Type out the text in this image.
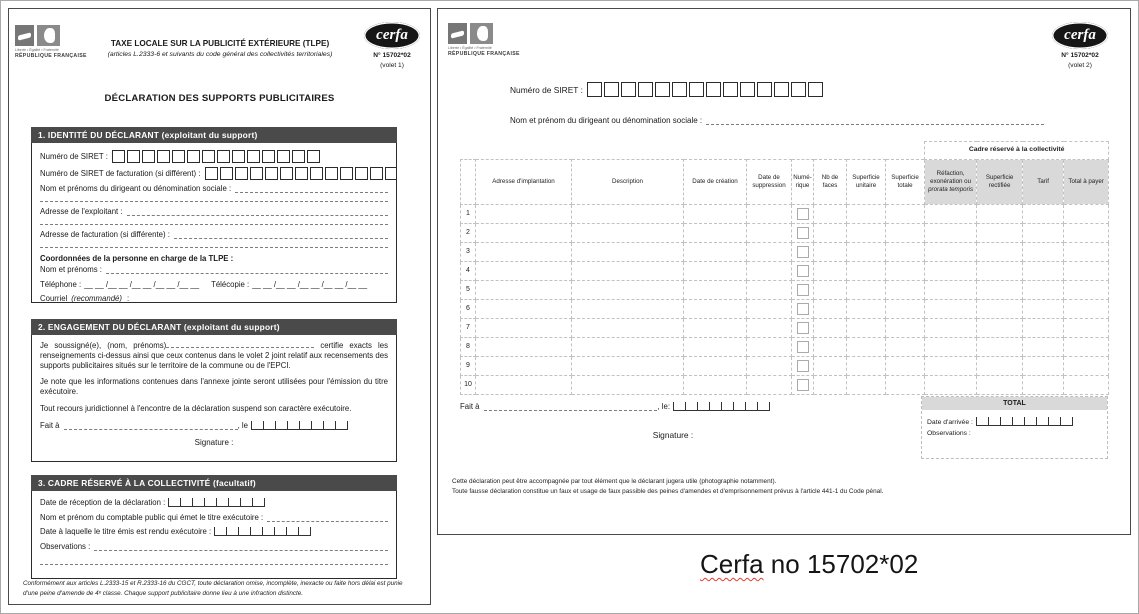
Liberté • Égalité • Fraternité
RÉPUBLIQUE FRANÇAISE
TAXE LOCALE SUR LA PUBLICITÉ EXTÉRIEURE (TLPE)
(articles L.2333-6 et suivants du code général des collectivités territoriales)
cerfa
N° 15702*02
(volet 1)
DÉCLARATION DES SUPPORTS PUBLICITAIRES
1. IDENTITÉ DU DÉCLARANT (exploitant du support)
Numéro de SIRET :
Numéro de SIRET de facturation (si différent) :
Nom et prénoms du dirigeant ou dénomination sociale :
Adresse de l'exploitant :
Adresse de facturation (si différente) :
Coordonnées de la personne en charge de la TLPE :
Nom et prénoms :
Téléphone : __ __ /__ __ /__ __ /__ __ /__ __ Télécopie : __ __ /__ __ /__ __ /__ __ /__ __
Courriel (recommandé) :
2. ENGAGEMENT DU DÉCLARANT (exploitant du support)
Je soussigné(e), (nom, prénoms)	certifie exacts les renseignements ci-dessus ainsi que ceux contenus dans le volet 2 joint relatif aux recensements des supports publicitaires situés sur le territoire de la commune ou de l'EPCI.
Je note que les informations contenues dans l'annexe jointe seront utilisées pour l'émission du titre exécutoire.
Tout recours juridictionnel à l'encontre de la déclaration suspend son caractère exécutoire.
Fait à	, le
Signature :
3. CADRE RÉSERVÉ À LA COLLECTIVITÉ (facultatif)
Date de réception de la déclaration :
Nom et prénom du comptable public qui émet le titre exécutoire :
Date à laquelle le titre émis est rendu exécutoire :
Observations :
Conformément aux articles L.2333-15 et R.2333-16 du CGCT, toute déclaration omise, incomplète, inexacte ou faite hors délai est punie d'une peine d'amende de 4ᵉ classe. Chaque support publicitaire donne lieu à une infraction distincte.
Liberté • Égalité • Fraternité
RÉPUBLIQUE FRANÇAISE
cerfa
N° 15702*02
(volet 2)
Numéro de SIRET :
Nom et prénom du dirigeant ou dénomination sociale :
									Cadre réservé à la collectivité			
	Adresse d'implantation	Description	Date de création	Date de suppression	Numé-rique	Nb de faces	Superficie unitaire	Superficie totale	Réfaction, exonération ou prorata temporis	Superficie rectifiée	Tarif	Total à payer
1					

2					

3					

4					

5					

6					

7					

8					

9					

10					

Fait à	, le:
Signature :
TOTAL
Date d'arrivée :
Observations :
Cette déclaration peut être accompagnée par tout élément que le déclarant jugera utile (photographie notamment).
Toute fausse déclaration constitue un faux et usage de faux passible des peines d'amendes et d'emprisonnement prévus à l'article 441-1 du Code pénal.
Cerfa no 15702*02
